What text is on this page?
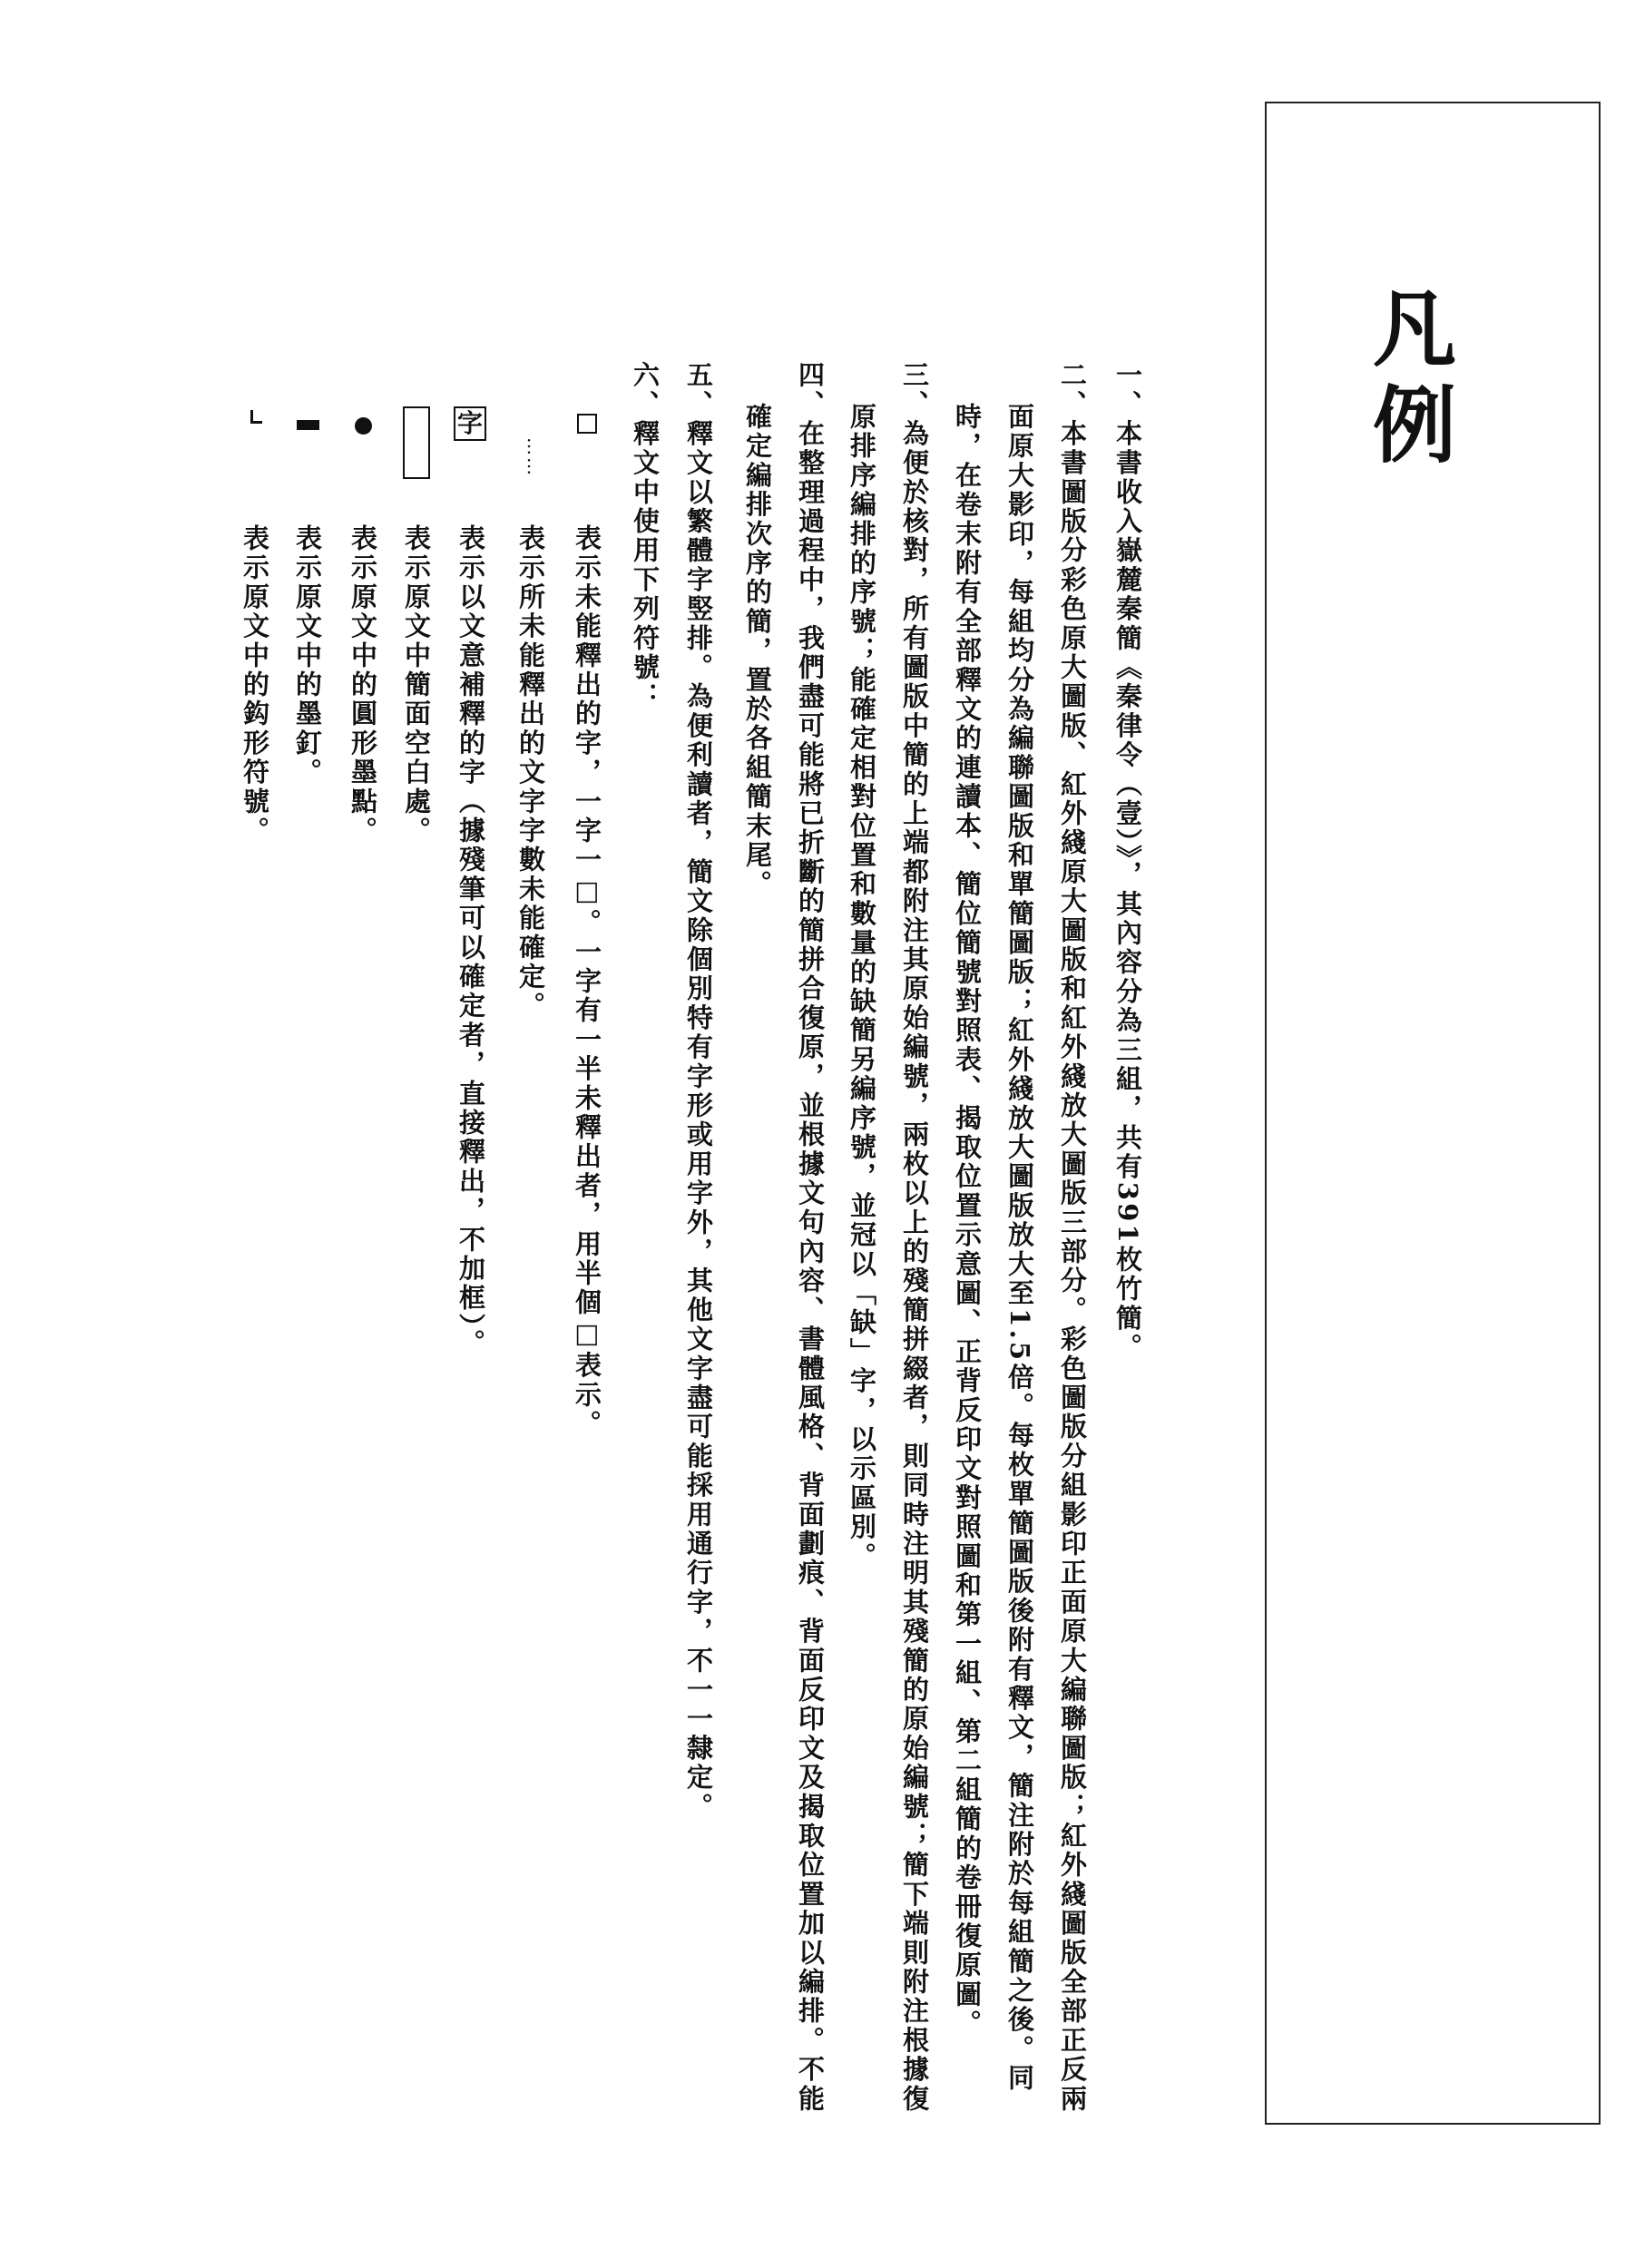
凡例
一、本書收入嶽麓秦簡《秦律令（壹）》，其內容分為三組，共有391枚竹簡。
二、本書圖版分彩色原大圖版、紅外綫原大圖版和紅外綫放大圖版三部分。彩色圖版分組影印正面原大編聯圖版；紅外綫圖版全部正反兩
面原大影印，每組均分為編聯圖版和單簡圖版；紅外綫放大圖版放大至1.5倍。每枚單簡圖版後附有釋文，簡注附於每組簡之後。同
時，在卷末附有全部釋文的連讀本、簡位簡號對照表、揭取位置示意圖、正背反印文對照圖和第一組、第二組簡的卷冊復原圖。
三、為便於核對，所有圖版中簡的上端都附注其原始編號，兩枚以上的殘簡拼綴者，則同時注明其殘簡的原始編號；簡下端則附注根據復
原排序編排的序號；能確定相對位置和數量的缺簡另編序號，並冠以「缺」字，以示區別。
四、在整理過程中，我們盡可能將已折斷的簡拼合復原，並根據文句內容、書體風格、背面劃痕、背面反印文及揭取位置加以編排。不能
確定編排次序的簡，置於各組簡末尾。
五、釋文以繁體字竪排。為便利讀者，簡文除個別特有字形或用字外，其他文字盡可能採用通行字，不一一隸定。
六、釋文中使用下列符號：
……
字
表示未能釋出的字，一字一□。一字有一半未釋出者，用半個□表示。
表示所未能釋出的文字字數未能確定。
表示以文意補釋的字（據殘筆可以確定者，直接釋出，不加框）。
表示原文中簡面空白處。
表示原文中的圓形墨點。
表示原文中的墨釘。
表示原文中的鈎形符號。
